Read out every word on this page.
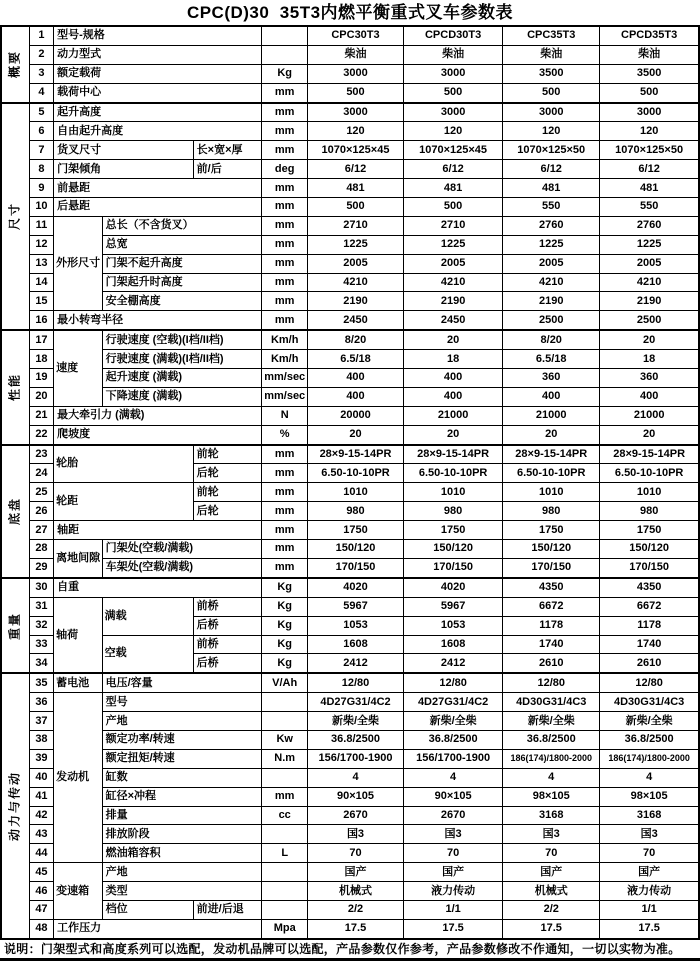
CPC(D)30  35T3内燃平衡重式叉车参数表
概要	1	型号-规格				CPC30T3	CPCD30T3	CPC35T3	CPCD35T3
	2	动力型式				柴油	柴油	柴油	柴油
	3	额定载荷			Kg	3000	3000	3500	3500
	4	载荷中心			mm	500	500	500	500

尺寸	5	起升高度			mm	3000	3000	3000	3000
	6	自由起升高度			mm	120	120	120	120
	7	货叉尺寸		长×宽×厚	mm	1070×125×45	1070×125×45	1070×125×50	1070×125×50
	8	门架倾角		前/后	deg	6/12	6/12	6/12	6/12
	9	前悬距			mm	481	481	481	481
	10	后悬距			mm	500	500	550	550
	11	外形尺寸	总长（不含货叉）		mm	2710	2710	2760	2760
	12		总宽		mm	1225	1225	1225	1225
	13		门架不起升高度		mm	2005	2005	2005	2005
	14		门架起升时高度		mm	4210	4210	4210	4210
	15		安全棚高度		mm	2190	2190	2190	2190
	16	最小转弯半径			mm	2450	2450	2500	2500

性能	17	速度	行驶速度 (空载)(I档/II档)		Km/h	8/20	20	8/20	20
	18		行驶速度 (满载)(I档/II档)		Km/h	6.5/18	18	6.5/18	18
	19		起升速度 (满载)		mm/sec	400	400	360	360
	20		下降速度 (满载)		mm/sec	400	400	400	400
	21	最大牵引力 (满载)			N	20000	21000	21000	21000
	22	爬坡度			%	20	20	20	20

底盘	23	轮胎		前轮	mm	28×9-15-14PR	28×9-15-14PR	28×9-15-14PR	28×9-15-14PR
	24			后轮	mm	6.50-10-10PR	6.50-10-10PR	6.50-10-10PR	6.50-10-10PR
	25	轮距		前轮	mm	1010	1010	1010	1010
	26			后轮	mm	980	980	980	980
	27	轴距			mm	1750	1750	1750	1750
	28	离地间隙	门架处(空载/满载)		mm	150/120	150/120	150/120	150/120
	29		车架处(空载/满载)		mm	170/150	170/150	170/150	170/150

重量	30	自重			Kg	4020	4020	4350	4350
	31	轴荷	满载	前桥	Kg	5967	5967	6672	6672
	32			后桥	Kg	1053	1053	1178	1178
	33		空载	前桥	Kg	1608	1608	1740	1740
	34			后桥	Kg	2412	2412	2610	2610

动力与传动	35	蓄电池	电压/容量		V/Ah	12/80	12/80	12/80	12/80
	36	发动机	型号			4D27G31/4C2	4D27G31/4C2	4D30G31/4C3	4D30G31/4C3
	37		产地			新柴/全柴	新柴/全柴	新柴/全柴	新柴/全柴
	38		额定功率/转速		Kw	36.8/2500	36.8/2500	36.8/2500	36.8/2500
	39		额定扭矩/转速		N.m	156/1700-1900	156/1700-1900	186(174)/1800-2000	186(174)/1800-2000
	40		缸数			4	4	4	4
	41		缸径×冲程		mm	90×105	90×105	98×105	98×105
	42		排量		cc	2670	2670	3168	3168
	43		排放阶段			国3	国3	国3	国3
	44		燃油箱容积		L	70	70	70	70
	45	变速箱	产地			国产	国产	国产	国产
	46		类型			机械式	液力传动	机械式	液力传动
	47		档位	前进/后退		2/2	1/1	2/2	1/1
	48	工作压力			Mpa	17.5	17.5	17.5	17.5
说明：门架型式和高度系列可以选配，发动机品牌可以选配，产品参数仅作参考，产品参数修改不作通知，一切以实物为准。
